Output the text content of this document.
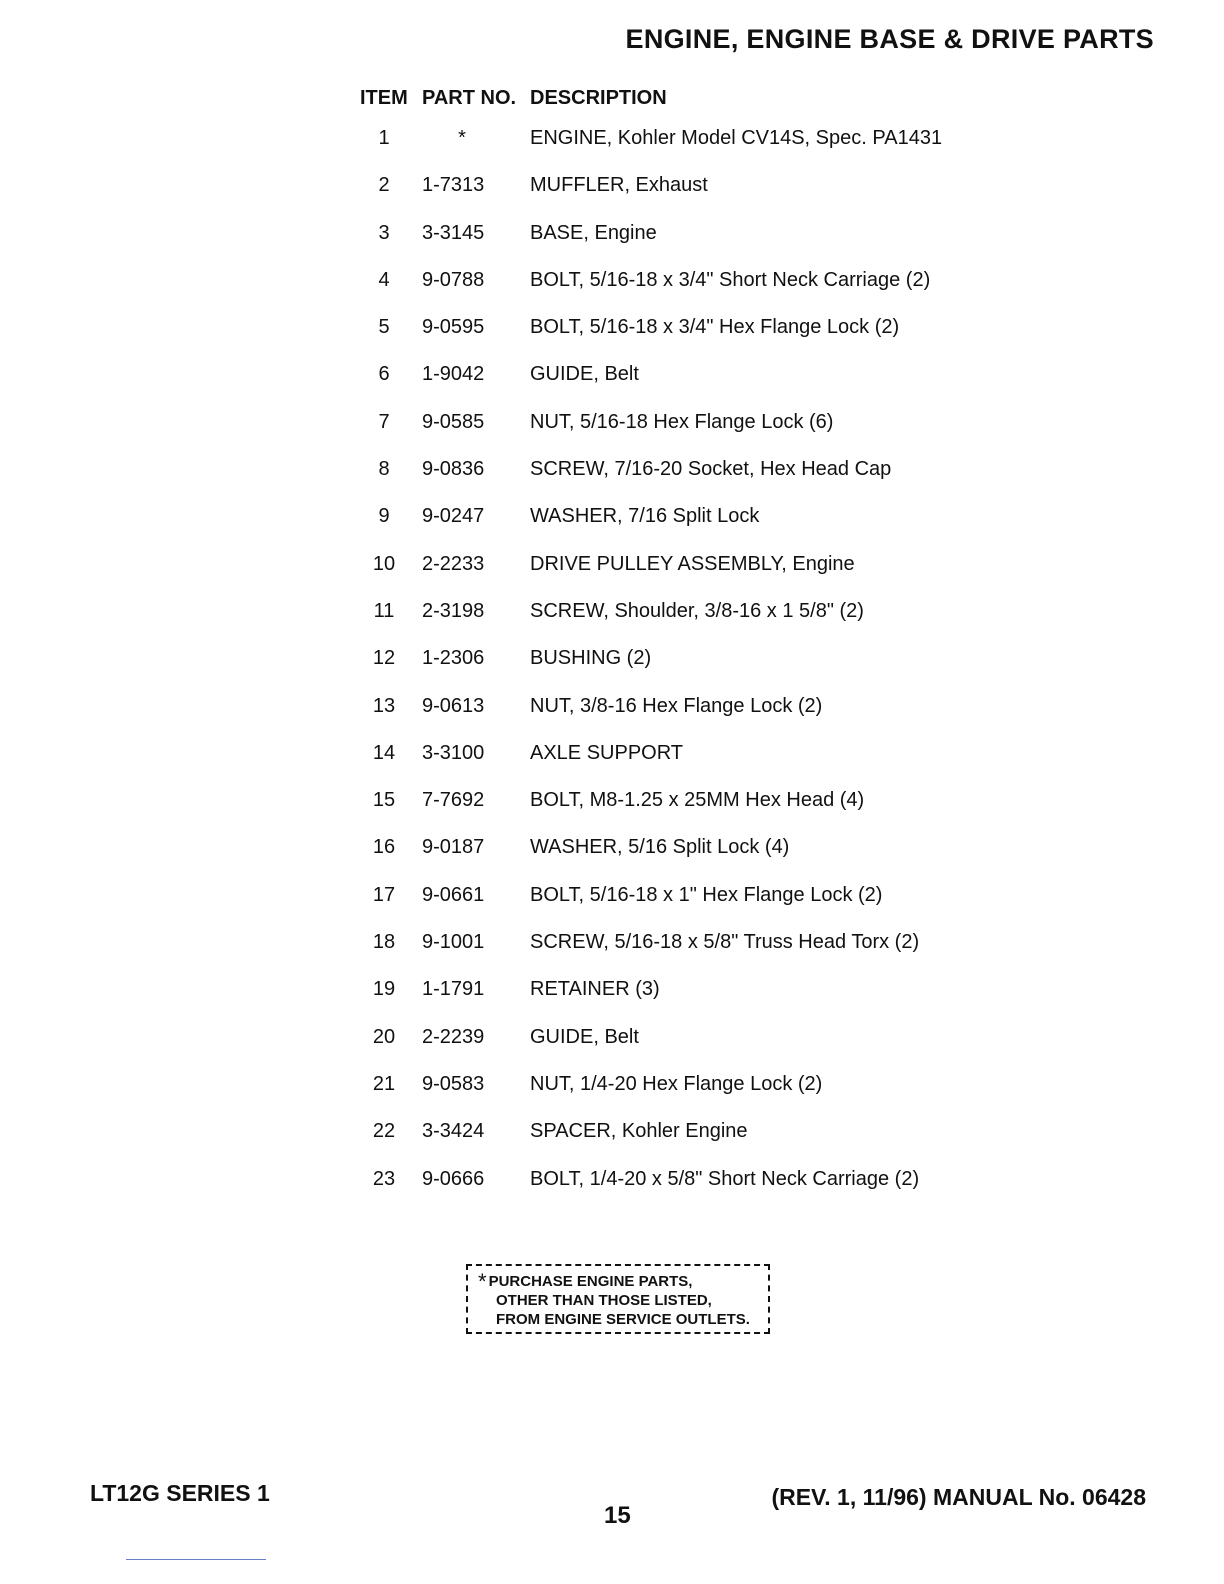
ENGINE, ENGINE BASE & DRIVE PARTS
ITEM PART NO. DESCRIPTION
1	*	ENGINE, Kohler Model CV14S, Spec. PA1431
2	1-7313	MUFFLER, Exhaust
3	3-3145	BASE, Engine
4	9-0788	BOLT, 5/16-18 x 3/4" Short Neck Carriage (2)
5	9-0595	BOLT, 5/16-18 x 3/4" Hex Flange Lock (2)
6	1-9042	GUIDE, Belt
7	9-0585	NUT, 5/16-18 Hex Flange Lock (6)
8	9-0836	SCREW, 7/16-20 Socket, Hex Head Cap
9	9-0247	WASHER, 7/16 Split Lock
10	2-2233	DRIVE PULLEY ASSEMBLY, Engine
11	2-3198	SCREW, Shoulder, 3/8-16 x 1 5/8" (2)
12	1-2306	BUSHING (2)
13	9-0613	NUT, 3/8-16 Hex Flange Lock (2)
14	3-3100	AXLE SUPPORT
15	7-7692	BOLT, M8-1.25 x 25MM Hex Head (4)
16	9-0187	WASHER, 5/16 Split Lock (4)
17	9-0661	BOLT, 5/16-18 x 1" Hex Flange Lock (2)
18	9-1001	SCREW, 5/16-18 x 5/8" Truss Head Torx (2)
19	1-1791	RETAINER (3)
20	2-2239	GUIDE, Belt
21	9-0583	NUT, 1/4-20 Hex Flange Lock (2)
22	3-3424	SPACER, Kohler Engine
23	9-0666	BOLT, 1/4-20 x 5/8" Short Neck Carriage (2)
* PURCHASE ENGINE PARTS,
OTHER THAN THOSE LISTED,
FROM ENGINE SERVICE OUTLETS.
LT12G SERIES 1
15
(REV. 1, 11/96) MANUAL No. 06428
